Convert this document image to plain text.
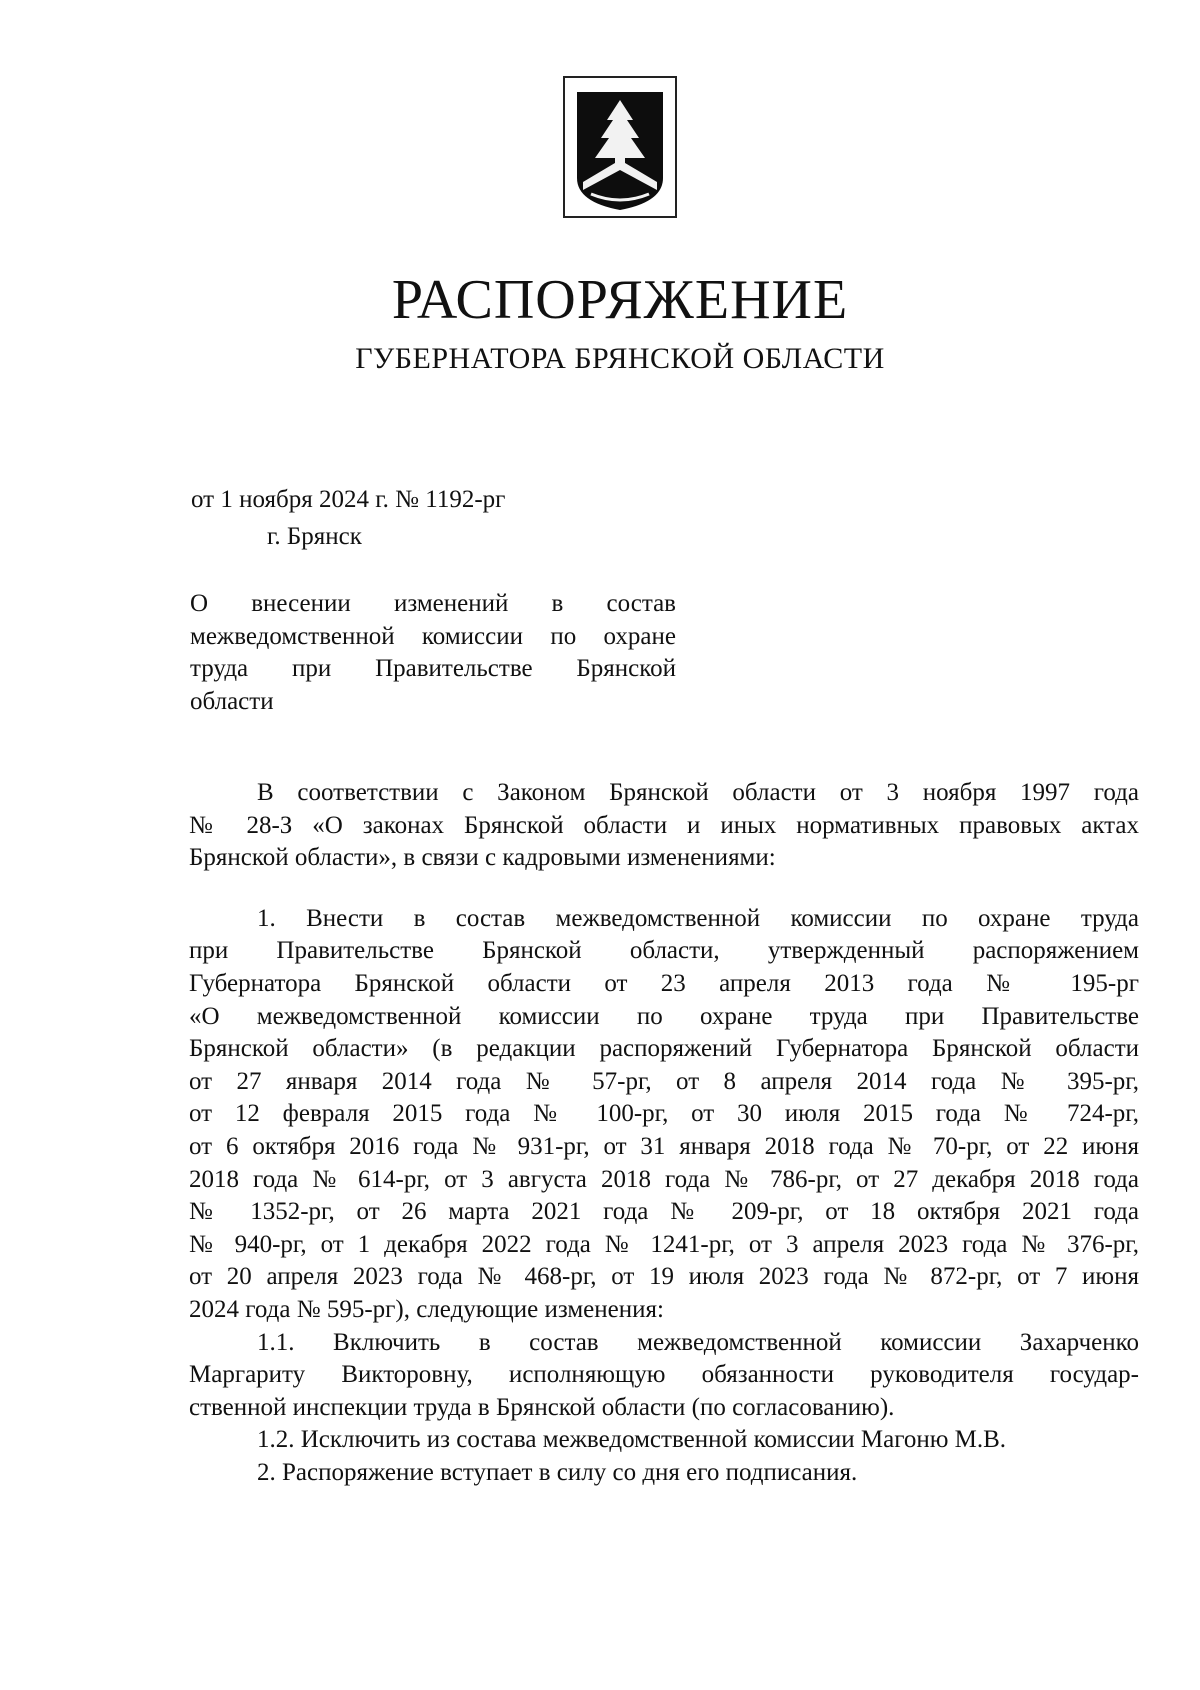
РАСПОРЯЖЕНИЕ
ГУБЕРНАТОРА БРЯНСКОЙ ОБЛАСТИ
от 1 ноября 2024 г. № 1192-рг
г. Брянск
О внесении изменений в состав
межведомственной комиссии по охране
труда при Правительстве Брянской
области
В соответствии с Законом Брянской области от 3 ноября 1997 года
№ 28-З «О законах Брянской области и иных нормативных правовых актах
Брянской области», в связи с кадровыми изменениями:
1. Внести в состав межведомственной комиссии по охране труда
при Правительстве Брянской области, утвержденный распоряжением
Губернатора Брянской области от 23 апреля 2013 года № 195-рг
«О межведомственной комиссии по охране труда при Правительстве
Брянской области» (в редакции распоряжений Губернатора Брянской области
от 27 января 2014 года № 57-рг, от 8 апреля 2014 года № 395-рг,
от 12 февраля 2015 года № 100-рг, от 30 июля 2015 года № 724-рг,
от 6 октября 2016 года № 931-рг, от 31 января 2018 года № 70-рг, от 22 июня
2018 года № 614-рг, от 3 августа 2018 года № 786-рг, от 27 декабря 2018 года
№ 1352-рг, от 26 марта 2021 года № 209-рг, от 18 октября 2021 года
№ 940-рг, от 1 декабря 2022 года № 1241-рг, от 3 апреля 2023 года № 376-рг,
от 20 апреля 2023 года № 468-рг, от 19 июля 2023 года № 872-рг, от 7 июня
2024 года № 595-рг), следующие изменения:
1.1. Включить в состав межведомственной комиссии Захарченко
Маргариту Викторовну, исполняющую обязанности руководителя государ-
ственной инспекции труда в Брянской области (по согласованию).
1.2. Исключить из состава межведомственной комиссии Магоню М.В.
2. Распоряжение вступает в силу со дня его подписания.
